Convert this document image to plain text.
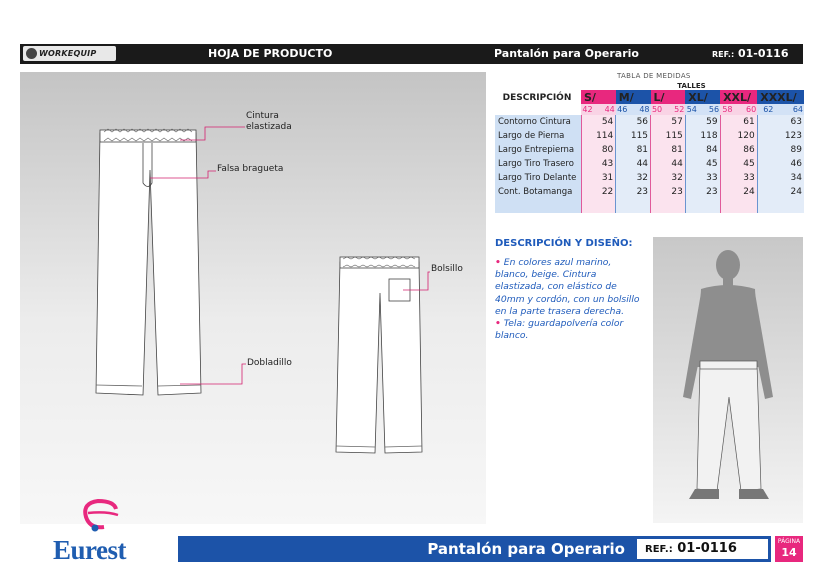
WORKEQUIP	HOJA DE PRODUCTO	Pantalón para Operario	REF.: 01-0116
Cintura elastizada
Falsa bragueta
Dobladillo
Bolsillo
TABLA DE MEDIDAS
DESCRIPCIÓN	TALLES											
	S/		M/		L/		XL/		XXL/		XXXL/	
	42	44	46	48	50	52	54	56	58	60	62	64
Contorno Cintura		54		56		57		59		61		63
Largo de Pierna		114		115		115		118		120		123
Largo Entrepierna		80		81		81		84		86		89
Largo Tiro Trasero		43		44		44		45		45		46
Largo Tiro Delante		31		32		32		33		33		34
Cont. Botamanga		22		23		23		23		24		24

DESCRIPCIÓN Y DISEÑO:
• En colores azul marino, blanco, beige. Cintura elastizada, con elástico de 40mm y cordón, con un bolsillo en la parte trasera derecha.
• Tela: guardapolvería color blanco.
Eurest	Pantalón para Operario	REF.: 01-0116	PÁGINA
14
